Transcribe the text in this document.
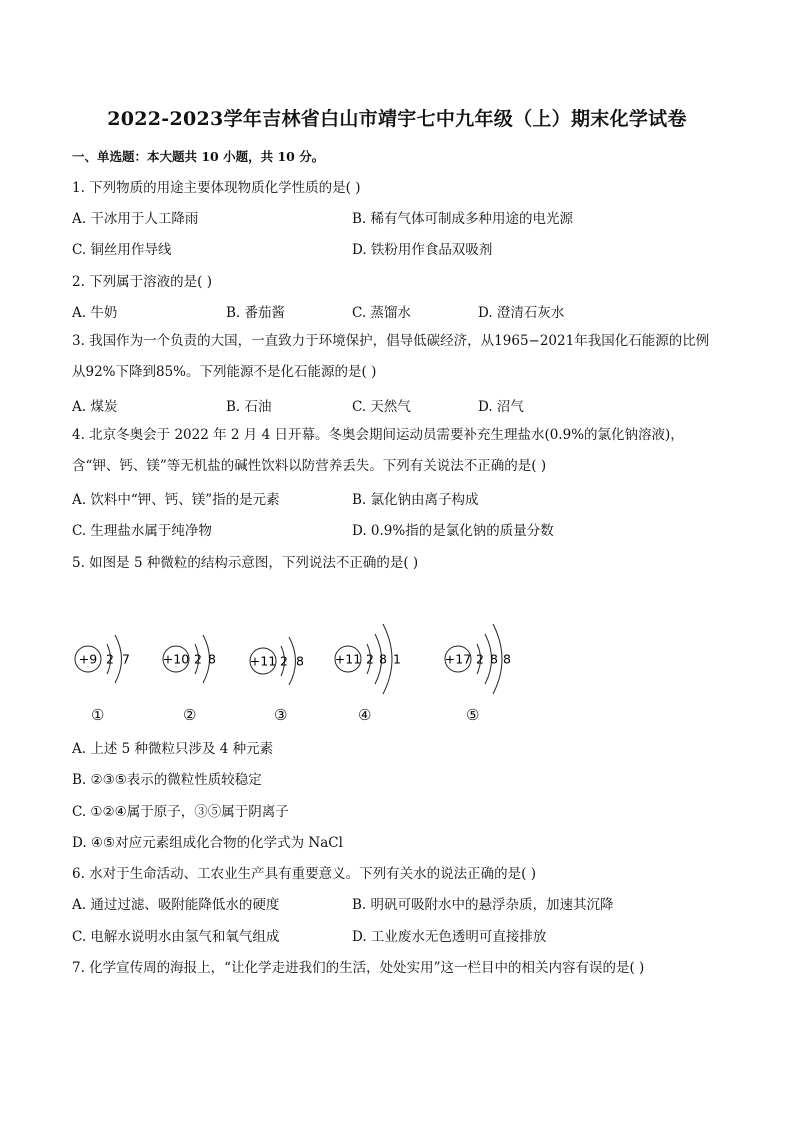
2022-2023学年吉林省白山市靖宇七中九年级（上）期末化学试卷
一、单选题：本大题共 10 小题，共 10 分。
1. 下列物质的用途主要体现物质化学性质的是( )
A. 干冰用于人工降雨	B. 稀有气体可制成多种用途的电光源
C. 铜丝用作导线	D. 铁粉用作食品双吸剂
2. 下列属于溶液的是( )
A. 牛奶	B. 番茄酱	C. 蒸馏水	D. 澄清石灰水
3. 我国作为一个负责的大国，一直致力于环境保护，倡导低碳经济，从1965−2021年我国化石能源的比例从92%下降到85%。下列能源不是化石能源的是( )
A. 煤炭	B. 石油	C. 天然气	D. 沼气
4. 北京冬奥会于 2022 年 2 月 4 日开幕。冬奥会期间运动员需要补充生理盐水(0.9%的氯化钠溶液)，含“钾、钙、镁”等无机盐的碱性饮料以防营养丢失。下列有关说法不正确的是( )
A. 饮料中“钾、钙、镁”指的是元素	B. 氯化钠由离子构成
C. 生理盐水属于纯净物	D. 0.9%指的是氯化钠的质量分数
5. 如图是 5 种微粒的结构示意图，下列说法不正确的是( )
+9 2 7	+10 2 8	+11 2 8 +11 2 8 1	+17 2 8 8
①	②	③	④	⑤
A. 上述 5 种微粒只涉及 4 种元素
B. ②③⑤表示的微粒性质较稳定
C. ①②④属于原子，③⑤属于阴离子
D. ④⑤对应元素组成化合物的化学式为 NaCl
6. 水对于生命活动、工农业生产具有重要意义。下列有关水的说法正确的是( )
A. 通过过滤、吸附能降低水的硬度	B. 明矾可吸附水中的悬浮杂质，加速其沉降
C. 电解水说明水由氢气和氧气组成	D. 工业废水无色透明可直接排放
7. 化学宣传周的海报上，“让化学走进我们的生活，处处实用”这一栏目中的相关内容有误的是( )
